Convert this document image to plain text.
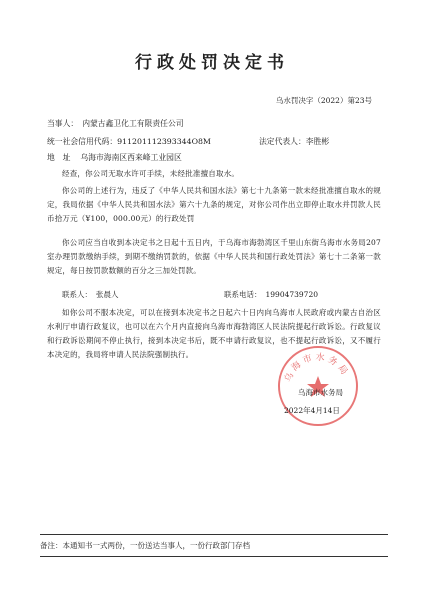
行政处罚决定书
乌水罚决字（2022）第23号
当事人： 内蒙古鑫卫化工有限责任公司
统一社会信用代码：911201112393344O8M	法定代表人：李胜彬
地　址 乌海市海南区西来峰工业园区
经查，你公司无取水许可手续，未经批准擅自取水。
你公司的上述行为，违反了《中华人民共和国水法》第七十九条第一款未经批准擅自取水的规定，我局依据《中华人民共和国水法》第六十九条的规定，对你公司作出立即停止取水并罚款人民币拾万元（¥100，000.00元）的行政处罚
你公司应当自收到本决定书之日起十五日内，于乌海市海勃湾区千里山东街乌海市水务局207室办理罚款缴纳手续，到期不缴纳罚款的，依据《中华人民共和国行政处罚法》第七十二条第一款规定，每日按罚款数额的百分之三加处罚款。
联系人： 张晨人	联系电话： 19904739720
如你公司不服本决定，可以在接到本决定书之日起六十日内向乌海市人民政府或内蒙古自治区水利厅申请行政复议，也可以在六个月内直接向乌海市海勃湾区人民法院提起行政诉讼。行政复议和行政诉讼期间不停止执行，接到本决定书后，既不申请行政复议，也不提起行政诉讼，又不履行本决定的，我局将申请人民法院强制执行。
乌海市水务局
乌海市水务局
2022年4月14日
备注：本通知书一式两份，一份送达当事人，一份行政部门存档
